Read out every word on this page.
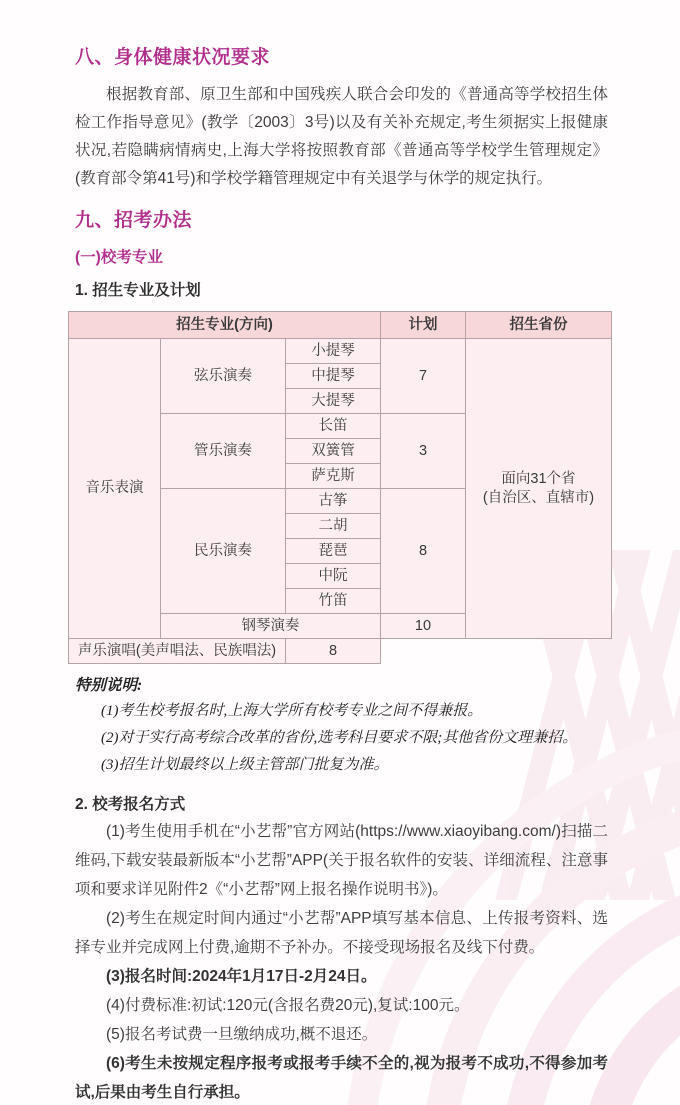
八、身体健康状况要求

根据教育部、原卫生部和中国残疾人联合会印发的《普通高等学校招生体检工作指导意见》(教学〔2003〕3号)以及有关补充规定,考生须据实上报健康状况,若隐瞒病情病史,上海大学将按照教育部《普通高等学校学生管理规定》(教育部令第41号)和学校学籍管理规定中有关退学与休学的规定执行。

九、招考办法
(一)校考专业
1. 招生专业及计划
招生专业(方向)			计划	招生省份
音乐表演	弦乐演奏	小提琴	7	面向31个省
(自治区、直辖市)

		中提琴		
		大提琴		
	管乐演奏	长笛	3	
		双簧管		
		萨克斯		
	民乐演奏	古筝	8	
		二胡		
		琵琶		
		中阮		
		竹笛		
	钢琴演奏		10	
声乐演唱(美声唱法、民族唱法)		8		
特别说明:
(1)考生校考报名时,上海大学所有校考专业之间不得兼报。
(2)对于实行高考综合改革的省份,选考科目要求不限;其他省份文理兼招。
(3)招生计划最终以上级主管部门批复为准。
2. 校考报名方式

(1)考生使用手机在“小艺帮”官方网站(https://www.xiaoyibang.com/)扫描二维码,下载安装最新版本“小艺帮”APP(关于报名软件的安装、详细流程、注意事项和要求详见附件2《“小艺帮”网上报名操作说明书》)。

(2)考生在规定时间内通过“小艺帮”APP填写基本信息、上传报考资料、选择专业并完成网上付费,逾期不予补办。不接受现场报名及线下付费。

(3)报名时间:2024年1月17日-2月24日。

(4)付费标准:初试:120元(含报名费20元),复试:100元。

(5)报名考试费一旦缴纳成功,概不退还。

(6)考生未按规定程序报考或报考手续不全的,视为报考不成功,不得参加考试,后果由考生自行承担。
